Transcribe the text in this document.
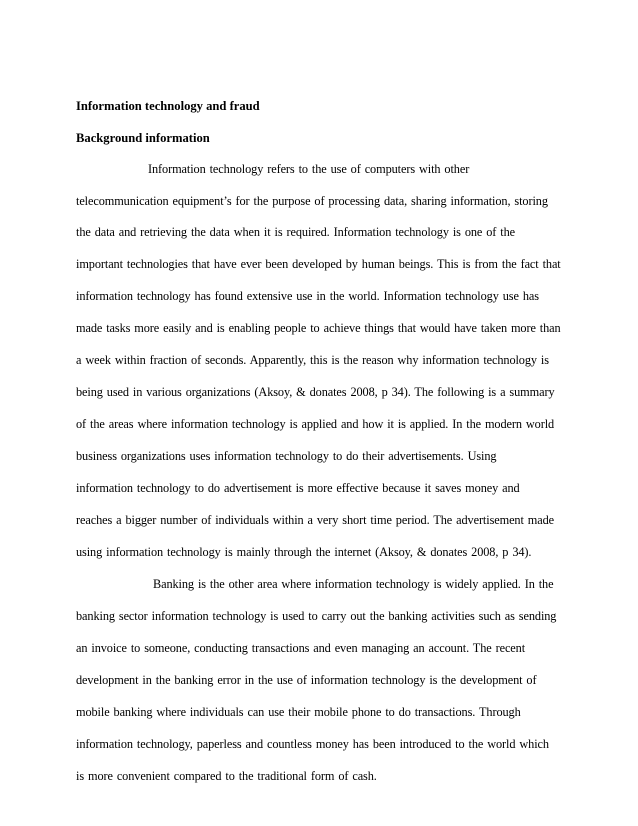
Information technology and fraud
Background information
Information technology refers to the use of computers with other
telecommunication equipment’s for the purpose of processing data, sharing information, storing
the data and retrieving the data when it is required. Information technology is one of the
important technologies that have ever been developed by human beings. This is from the fact that
information technology has found extensive use in the world. Information technology use has
made tasks more easily and is enabling people to achieve things that would have taken more than
a week within fraction of seconds. Apparently, this is the reason why information technology is
being used in various organizations (Aksoy, & donates 2008, p 34). The following is a summary
of the areas where information technology is applied and how it is applied. In the modern world
business organizations uses information technology to do their advertisements. Using
information technology to do advertisement is more effective because it saves money and
reaches a bigger number of individuals within a very short time period. The advertisement made
using information technology is mainly through the internet (Aksoy, & donates 2008, p 34).
Banking is the other area where information technology is widely applied. In the
banking sector information technology is used to carry out the banking activities such as sending
an invoice to someone, conducting transactions and even managing an account. The recent
development in the banking error in the use of information technology is the development of
mobile banking where individuals can use their mobile phone to do transactions. Through
information technology, paperless and countless money has been introduced to the world which
is more convenient compared to the traditional form of cash.
